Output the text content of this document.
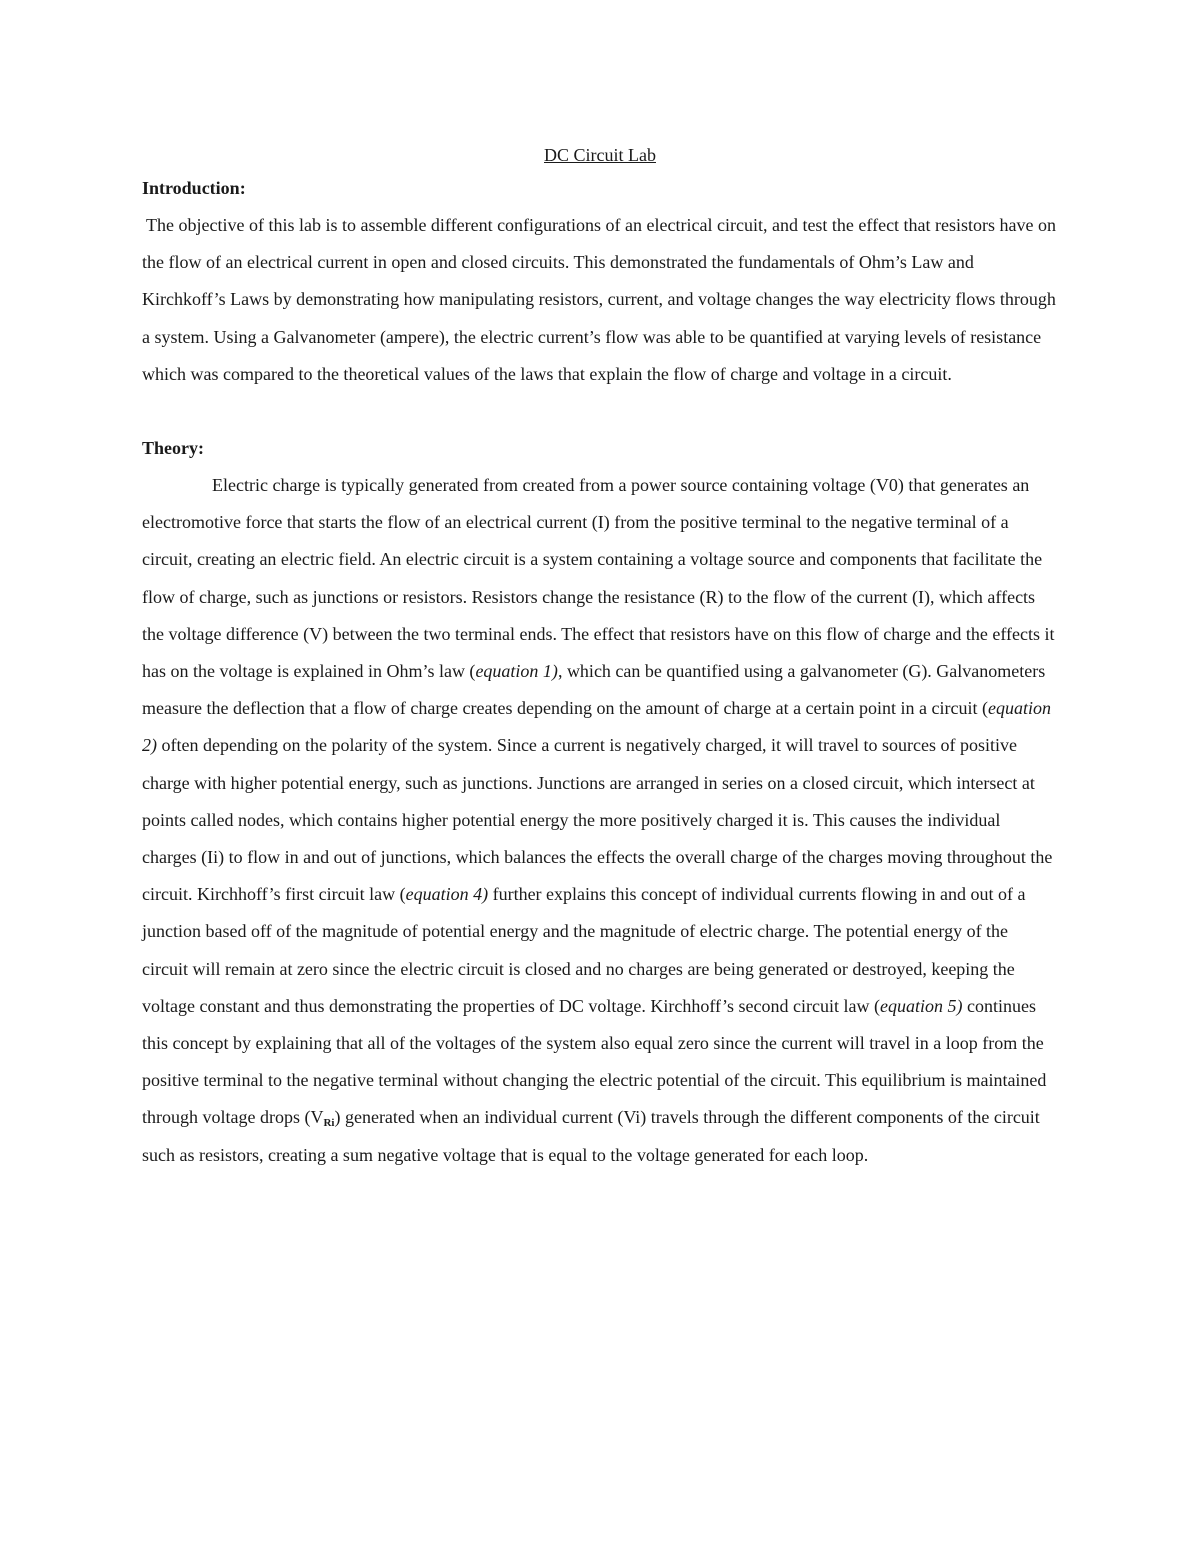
DC Circuit Lab
Introduction:

The objective of this lab is to assemble different configurations of an electrical circuit, and test the effect that resistors have on the flow of an electrical current in open and closed circuits. This demonstrated the fundamentals of Ohm’s Law and Kirchkoff’s Laws by demonstrating how manipulating resistors, current, and voltage changes the way electricity flows through a system. Using a Galvanometer (ampere), the electric current’s flow was able to be quantified at varying levels of resistance which was compared to the theoretical values of the laws that explain the flow of charge and voltage in a circuit.

Theory:

Electric charge is typically generated from created from a power source containing voltage (V0) that generates an electromotive force that starts the flow of an electrical current (I) from the positive terminal to the negative terminal of a circuit, creating an electric field. An electric circuit is a system containing a voltage source and components that facilitate the flow of charge, such as junctions or resistors. Resistors change the resistance (R) to the flow of the current (I), which affects the voltage difference (V) between the two terminal ends. The effect that resistors have on this flow of charge and the effects it has on the voltage is explained in Ohm’s law (equation 1), which can be quantified using a galvanometer (G). Galvanometers measure the deflection that a flow of charge creates depending on the amount of charge at a certain point in a circuit (equation 2) often depending on the polarity of the system. Since a current is negatively charged, it will travel to sources of positive charge with higher potential energy, such as junctions. Junctions are arranged in series on a closed circuit, which intersect at points called nodes, which contains higher potential energy the more positively charged it is. This causes the individual charges (Ii) to flow in and out of junctions, which balances the effects the overall charge of the charges moving throughout the circuit. Kirchhoff’s first circuit law (equation 4) further explains this concept of individual currents flowing in and out of a junction based off of the magnitude of potential energy and the magnitude of electric charge. The potential energy of the circuit will remain at zero since the electric circuit is closed and no charges are being generated or destroyed, keeping the voltage constant and thus demonstrating the properties of DC voltage. Kirchhoff’s second circuit law (equation 5) continues this concept by explaining that all of the voltages of the system also equal zero since the current will travel in a loop from the positive terminal to the negative terminal without changing the electric potential of the circuit. This equilibrium is maintained through voltage drops $(V_{Ri})$ generated when an individual current (Vi) travels through the different components of the circuit such as resistors, creating a sum negative voltage that is equal to the voltage generated for each loop.
